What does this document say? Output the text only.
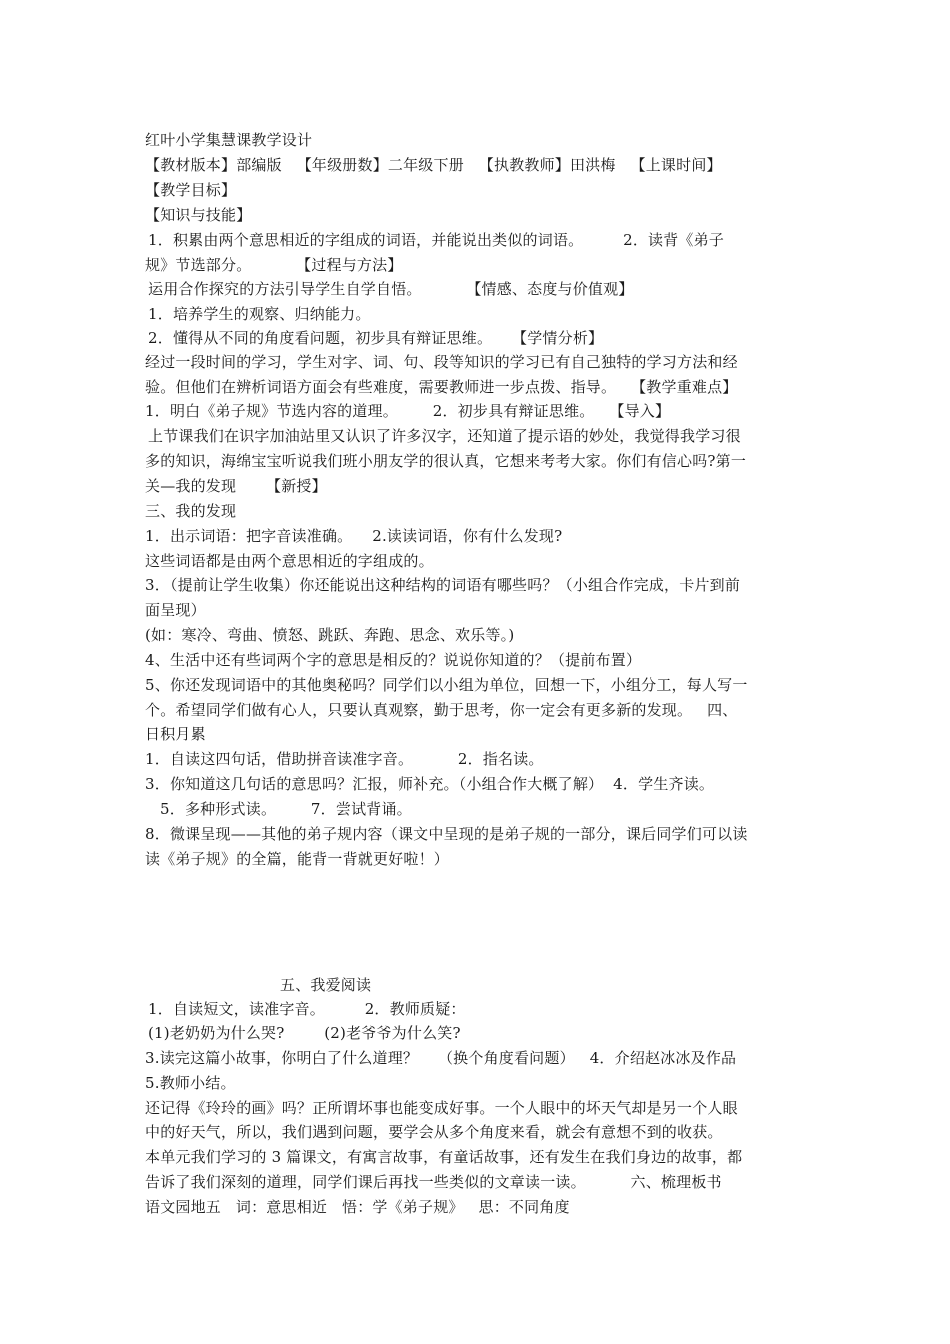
红叶小学集慧课教学设计
【教材版本】部编版   【年级册数】二年级下册   【执教教师】田洪梅   【上课时间】
【教学目标】
【知识与技能】
1．积累由两个意思相近的字组成的词语，并能说出类似的词语。        2．读背《弟子
规》节选部分。         【过程与方法】
运用合作探究的方法引导学生自学自悟。         【情感、态度与价值观】
1．培养学生的观察、归纳能力。
2．懂得从不同的角度看问题，初步具有辩证思维。    【学情分析】
经过一段时间的学习，学生对字、词、句、段等知识的学习已有自己独特的学习方法和经
验。但他们在辨析词语方面会有些难度，需要教师进一步点拨、指导。   【教学重难点】
1．明白《弟子规》节选内容的道理。       2．初步具有辩证思维。   【导入】
上节课我们在识字加油站里又认识了许多汉字，还知道了提示语的妙处，我觉得我学习很
多的知识，海绵宝宝听说我们班小朋友学的很认真，它想来考考大家。你们有信心吗?第一
关—我的发现      【新授】
三、我的发现
1．出示词语：把字音读准确。    2.读读词语，你有什么发现?
这些词语都是由两个意思相近的字组成的。
3．（提前让学生收集）你还能说出这种结构的词语有哪些吗？（小组合作完成，卡片到前
面呈现）
(如：寒冷、弯曲、愤怒、跳跃、奔跑、思念、欢乐等。)
4、生活中还有些词两个字的意思是相反的？说说你知道的？（提前布置）
5、你还发现词语中的其他奥秘吗？同学们以小组为单位，回想一下，小组分工，每人写一
个。希望同学们做有心人，只要认真观察，勤于思考，你一定会有更多新的发现。   四、
日积月累
1．自读这四句话，借助拼音读准字音。         2．指名读。
3．你知道这几句话的意思吗？汇报，师补充。（小组合作大概了解）  4．学生齐读。
5．多种形式读。       7．尝试背诵。
8．微课呈现——其他的弟子规内容（课文中呈现的是弟子规的一部分，课后同学们可以读
读《弟子规》的全篇，能背一背就更好啦！）
五、我爱阅读
1．自读短文，读准字音。        2．教师质疑：
(1)老奶奶为什么哭?        (2)老爷爷为什么笑?
3.读完这篇小故事，你明白了什么道理？    （换个角度看问题）   4．介绍赵冰冰及作品
5.教师小结。
还记得《玲玲的画》吗？正所谓坏事也能变成好事。一个人眼中的坏天气却是另一个人眼
中的好天气，所以，我们遇到问题，要学会从多个角度来看，就会有意想不到的收获。
本单元我们学习的 3 篇课文，有寓言故事，有童话故事，还有发生在我们身边的故事，都
告诉了我们深刻的道理，同学们课后再找一些类似的文章读一读。         六、梳理板书
语文园地五   词：意思相近   悟：学《弟子规》   思：不同角度
